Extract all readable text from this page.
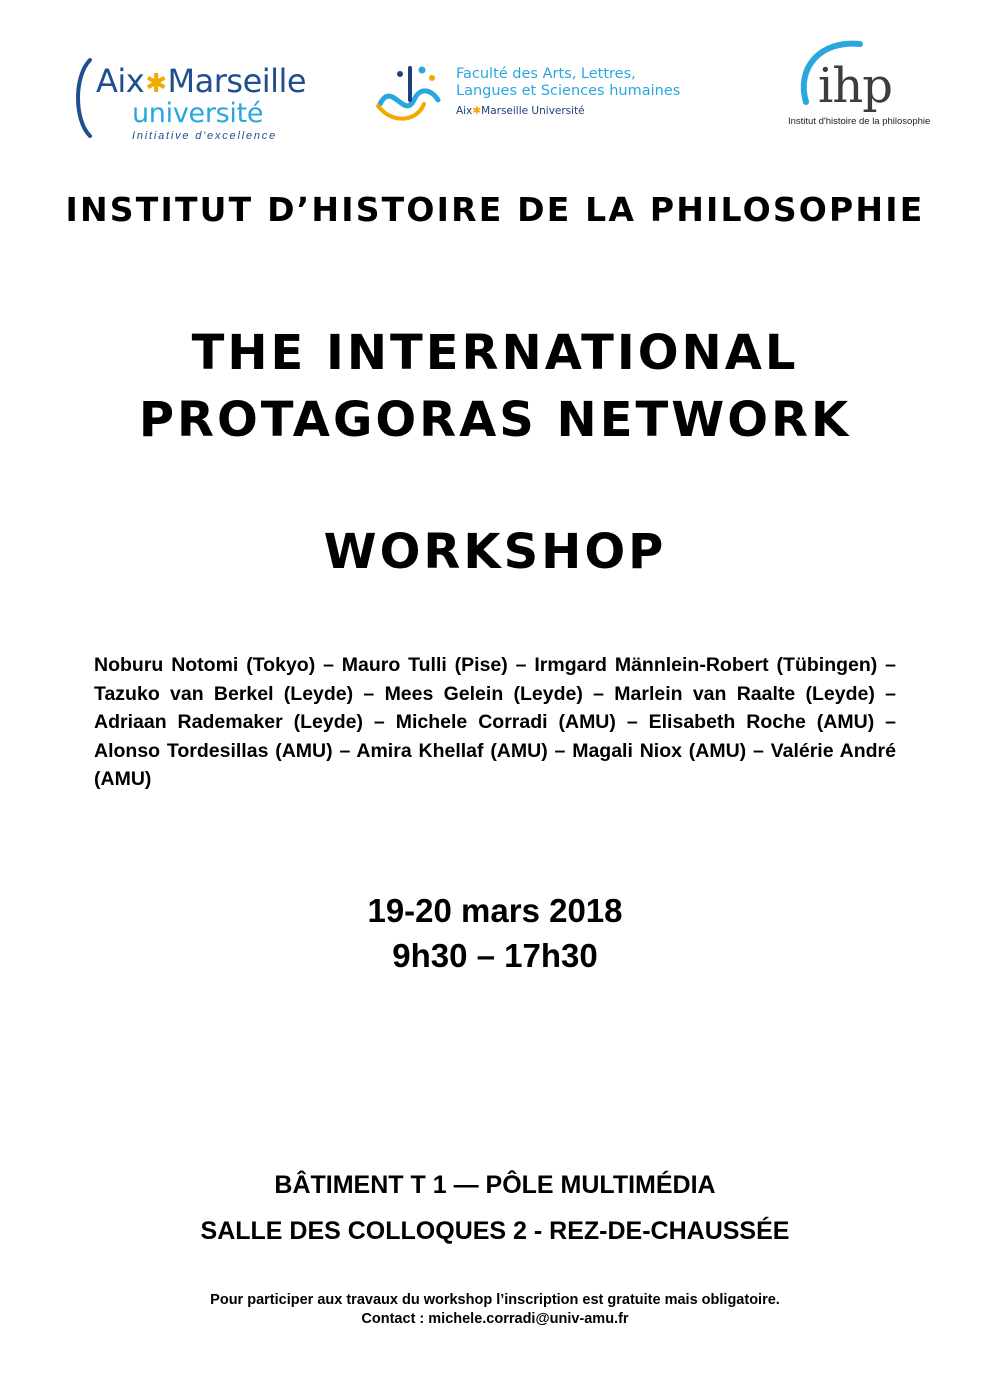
Aix✱Marseille
université
Initiative d'excellence
Faculté des Arts, Lettres,
Langues et Sciences humaines
Aix✱Marseille Université	ihp
Institut d'histoire de la philosophie
INSTITUT D’HISTOIRE DE LA PHILOSOPHIE
THE INTERNATIONAL
PROTAGORAS NETWORK
WORKSHOP

Noburu Notomi (Tokyo) – Mauro Tulli (Pise) – Irmgard Männlein-Robert (Tübingen) – Tazuko van Berkel (Leyde) – Mees Gelein (Leyde) – Marlein van Raalte (Leyde) – Adriaan Rademaker (Leyde) – Michele Corradi (AMU) – Elisabeth Roche (AMU) – Alonso Tordesillas (AMU) – Amira Khellaf (AMU) – Magali Niox (AMU) – Valérie André (AMU)

19-20 mars 2018

9h30 – 17h30

BÂTIMENT T 1 — PÔLE MULTIMÉDIA

SALLE DES COLLOQUES 2 - REZ-DE-CHAUSSÉE

Pour participer aux travaux du workshop l’inscription est gratuite mais obligatoire.

Contact : michele.corradi@univ-amu.fr
